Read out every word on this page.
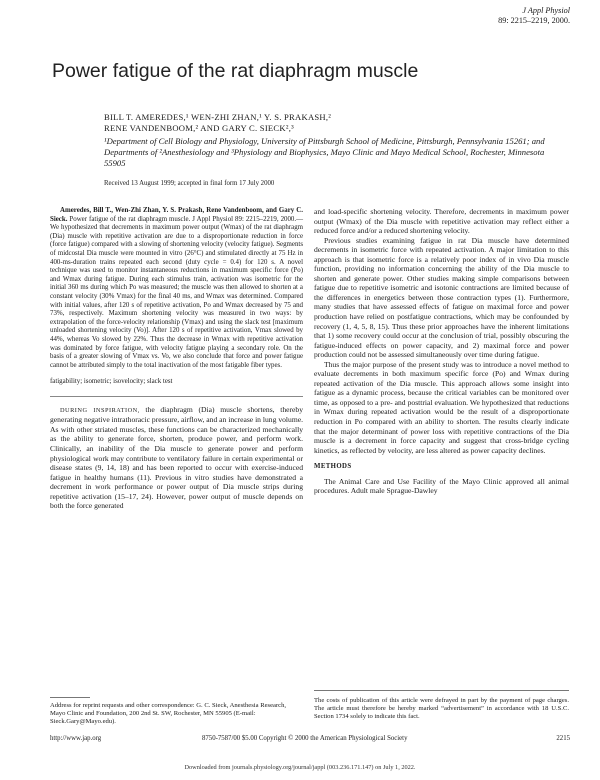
J Appl Physiol
89: 2215–2219, 2000.
Power fatigue of the rat diaphragm muscle
BILL T. AMEREDES,¹ WEN-ZHI ZHAN,¹ Y. S. PRAKASH,²
RENE VANDENBOOM,² AND GARY C. SIECK²,³
¹Department of Cell Biology and Physiology, University of Pittsburgh School of Medicine, Pittsburgh, Pennsylvania 15261; and Departments of ²Anesthesiology and ³Physiology and Biophysics, Mayo Clinic and Mayo Medical School, Rochester, Minnesota 55905
Received 13 August 1999; accepted in final form 17 July 2000

Ameredes, Bill T., Wen-Zhi Zhan, Y. S. Prakash, Rene Vandenboom, and Gary C. Sieck. Power fatigue of the rat diaphragm muscle. J Appl Physiol 89: 2215–2219, 2000.—We hypothesized that decrements in maximum power output (Wmax) of the rat diaphragm (Dia) muscle with repetitive activation are due to a disproportionate reduction in force (force fatigue) compared with a slowing of shortening velocity (velocity fatigue). Segments of midcostal Dia muscle were mounted in vitro (26°C) and stimulated directly at 75 Hz in 400-ms-duration trains repeated each second (duty cycle = 0.4) for 120 s. A novel technique was used to monitor instantaneous reductions in maximum specific force (Po) and Wmax during fatigue. During each stimulus train, activation was isometric for the initial 360 ms during which Po was measured; the muscle was then allowed to shorten at a constant velocity (30% Vmax) for the final 40 ms, and Wmax was determined. Compared with initial values, after 120 s of repetitive activation, Po and Wmax decreased by 75 and 73%, respectively. Maximum shortening velocity was measured in two ways: by extrapolation of the force-velocity relationship (Vmax) and using the slack test [maximum unloaded shortening velocity (Vo)]. After 120 s of repetitive activation, Vmax slowed by 44%, whereas Vo slowed by 22%. Thus the decrease in Wmax with repetitive activation was dominated by force fatigue, with velocity fatigue playing a secondary role. On the basis of a greater slowing of Vmax vs. Vo, we also conclude that force and power fatigue cannot be attributed simply to the total inactivation of the most fatigable fiber types.

fatigability; isometric; isovelocity; slack test

DURING INSPIRATION, the diaphragm (Dia) muscle shortens, thereby generating negative intrathoracic pressure, airflow, and an increase in lung volume. As with other striated muscles, these functions can be characterized mechanically as the ability to generate force, shorten, produce power, and perform work. Clinically, an inability of the Dia muscle to generate power and perform physiological work may contribute to ventilatory failure in certain experimental or disease states (9, 14, 18) and has been reported to occur with exercise-induced fatigue in healthy humans (11). Previous in vitro studies have demonstrated a decrement in work performance or power output of Dia muscle strips during repetitive activation (15–17, 24). However, power output of muscle depends on both the force generated

and load-specific shortening velocity. Therefore, decrements in maximum power output (Wmax) of the Dia muscle with repetitive activation may reflect either a reduced force and/or a reduced shortening velocity.

Previous studies examining fatigue in rat Dia muscle have determined decrements in isometric force with repeated activation. A major limitation to this approach is that isometric force is a relatively poor index of in vivo Dia muscle function, providing no information concerning the ability of the Dia muscle to shorten and generate power. Other studies making simple comparisons between fatigue due to repetitive isometric and isotonic contractions are limited because of the differences in energetics between those contraction types (1). Furthermore, many studies that have assessed effects of fatigue on maximal force and power production have relied on postfatigue contractions, which may be confounded by recovery (1, 4, 5, 8, 15). Thus these prior approaches have the inherent limitations that 1) some recovery could occur at the conclusion of trial, possibly obscuring the fatigue-induced effects on power capacity, and 2) maximal force and power production could not be assessed simultaneously over time during fatigue.

Thus the major purpose of the present study was to introduce a novel method to evaluate decrements in both maximum specific force (Po) and Wmax during repeated activation of the Dia muscle. This approach allows some insight into fatigue as a dynamic process, because the critical variables can be monitored over time, as opposed to a pre- and posttrial evaluation. We hypothesized that reductions in Wmax during repeated activation would be the result of a disproportionate reduction in Po compared with an ability to shorten. The results clearly indicate that the major determinant of power loss with repetitive contractions of the Dia muscle is a decrement in force capacity and suggest that cross-bridge cycling kinetics, as reflected by velocity, are less altered as power capacity declines.

METHODS

The Animal Care and Use Facility of the Mayo Clinic approved all animal procedures. Adult male Sprague-Dawley

Address for reprint requests and other correspondence: G. C. Sieck, Anesthesia Research, Mayo Clinic and Foundation, 200 2nd St. SW, Rochester, MN 55905 (E-mail: Sieck.Gary@Mayo.edu).
The costs of publication of this article were defrayed in part by the payment of page charges. The article must therefore be hereby marked “advertisement” in accordance with 18 U.S.C. Section 1734 solely to indicate this fact.
http://www.jap.org	8750-7587/00 $5.00 Copyright © 2000 the American Physiological Society	2215
Downloaded from journals.physiology.org/journal/jappl (003.236.171.147) on July 1, 2022.
